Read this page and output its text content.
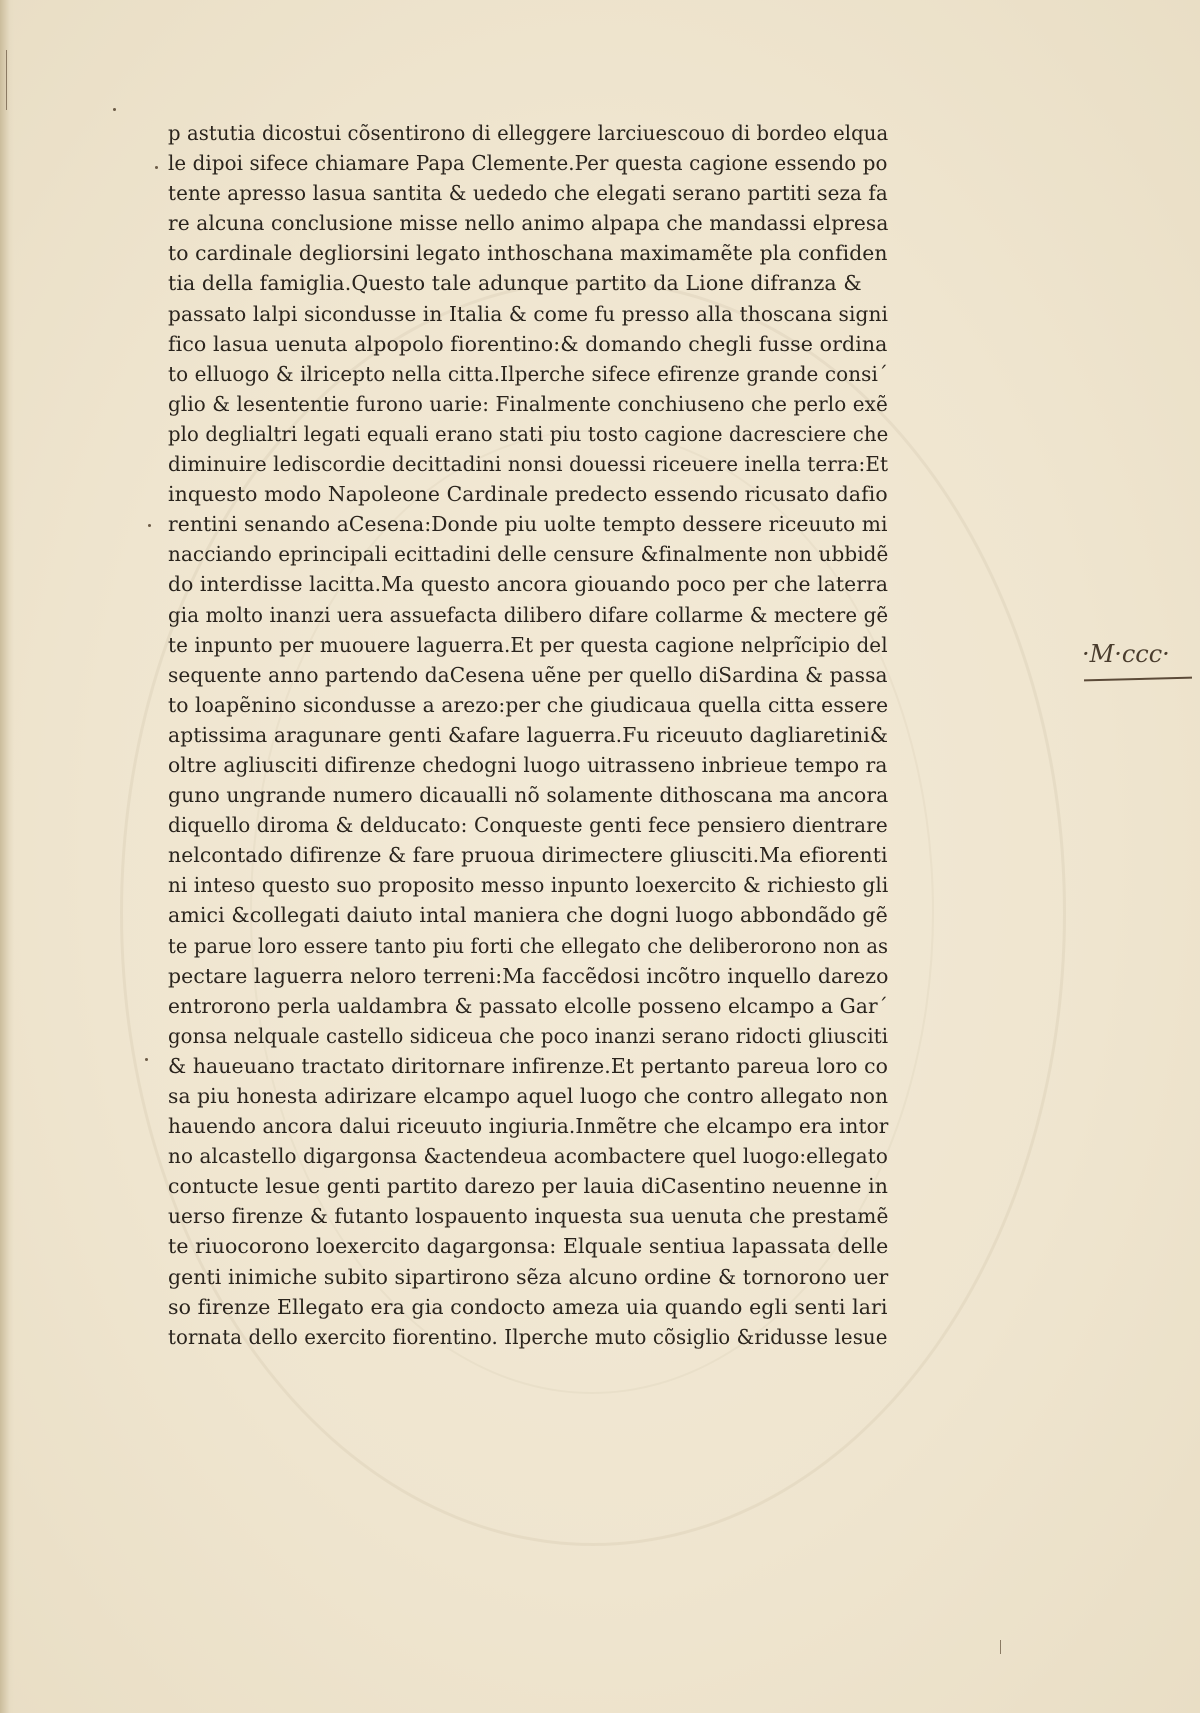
p astutia dicostui cõsentirono di elleggere larciuescouo di bordeo elqua
le dipoi sifece chiamare Papa Clemente.Per questa cagione essendo po
tente apresso lasua santita & uededo che elegati serano partiti seza fa
re alcuna conclusione misse nello animo alpapa che mandassi elpresa
to cardinale degliorsini legato inthoschana maximamẽte pla confiden
tia della famiglia.Questo tale adunque partito da Lione difranza &
passato lalpi sicondusse in Italia & come fu presso alla thoscana signi
fico lasua uenuta alpopolo fiorentino:& domando chegli fusse ordina
to elluogo & ilricepto nella citta.Ilperche sifece efirenze grande consi´
glio & lesententie furono uarie: Finalmente conchiuseno che perlo exẽ
plo deglialtri legati equali erano stati piu tosto cagione dacresciere che
diminuire ledisсordie decittadini nonsi douessi riceuere inella terra:Et
inquesto modo Napoleone Cardinale predecto essendo ricusato dafio
rentini senando aCesena:Donde piu uolte tempto dessere riceuuto mi
nacciando eprincipali ecittadini delle censure &finalmente non ubbidẽ
do interdisse lacitta.Ma questo ancora giouando poco per che laterra
gia molto inanzi uera assuefacta dilibero difare collarme & mectere gẽ
te inpunto per muouere laguerra.Et per questa cagione nelprĩcipio del
sequente anno partendo daCesena uẽne per quello diSardina & passa
to loapẽnino sicondusse a arezo:per che giudicaua quella citta essere
aptissima aragunare genti &afare laguerra.Fu riceuuto dagliaretini&
oltre agliusciti difirenze chedogni luogo uitrasseno inbrieue tempo ra
guno ungrande numero dicaualli nõ solamente dithoscana ma ancora
diquello diroma & delducato: Conqueste genti fece pensiero dientrare
nelcontado difirenze & fare pruoua dirimectere gliusciti.Ma efiorenti
ni inteso questo suo proposito messo inpunto loexercito & richiesto gli
amici &collegati daiuto intal maniera che dogni luogo abbondãdo gẽ
te parue loro essere tanto piu forti che ellegato che deliberorono non as
pectare laguerra neloro terreni:Ma faccẽdosi incõtro inquello darezo
entrorono perla ualdambra & passato elcolle posseno elcampo a Gar´
gonsa nelquale castello sidiceua che poco inanzi serano ridocti gliusciti
& haueuano tractato diritornare infirenze.Et pertanto pareua loro co
sa piu honesta adirizare elcampo aquel luogo che contro allegato non
hauendo ancora dalui riceuuto ingiuria.Inmẽtre che elcampo era intor
no alcastello digargonsa &actendeua acombactere quel luogo:ellegato
contucte lesue genti partito darezo per lauia diCasentino neuenne in
uerso firenze & futanto lospauento inquesta sua uenuta che prestamẽ
te riuocorono loexercito dagargonsa: Elquale sentiua lapassata delle
genti inimiche subito sipartirono sẽza alcuno ordine & tornorono uer
so firenze Ellegato era gia condocto ameza uia quando egli senti lari
tornata dello exercito fiorentino. Ilperche muto cõsiglio &ridusse lesue
·M·ccc·
